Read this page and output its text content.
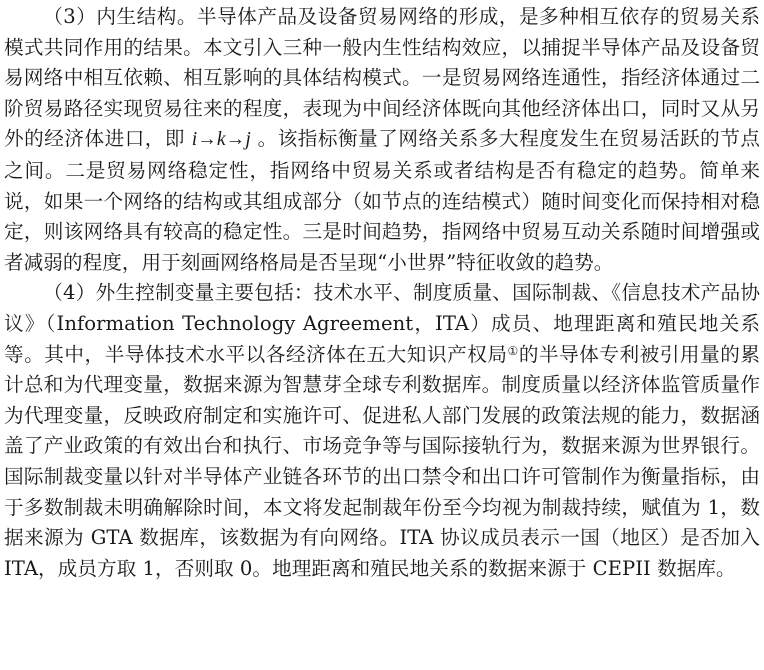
（3）内生结构。半导体产品及设备贸易网络的形成，是多种相互依存的贸易关系模式共同作用的结果。本文引入三种一般内生性结构效应，以捕捉半导体产品及设备贸易网络中相互依赖、相互影响的具体结构模式。一是贸易网络连通性，指经济体通过二阶贸易路径实现贸易往来的程度，表现为中间经济体既向其他经济体出口，同时又从另外的经济体进口，即 i→k→j 。该指标衡量了网络关系多大程度发生在贸易活跃的节点之间。二是贸易网络稳定性，指网络中贸易关系或者结构是否有稳定的趋势。简单来说，如果一个网络的结构或其组成部分（如节点的连结模式）随时间变化而保持相对稳定，则该网络具有较高的稳定性。三是时间趋势，指网络中贸易互动关系随时间增强或者减弱的程度，用于刻画网络格局是否呈现“小世界”特征收敛的趋势。

（4）外生控制变量主要包括：技术水平、制度质量、国际制裁、《信息技术产品协议》（Information Technology Agreement，ITA）成员、地理距离和殖民地关系等。其中，半导体技术水平以各经济体在五大知识产权局①的半导体专利被引用量的累计总和为代理变量，数据来源为智慧芽全球专利数据库。制度质量以经济体监管质量作为代理变量，反映政府制定和实施许可、促进私人部门发展的政策法规的能力，数据涵盖了产业政策的有效出台和执行、市场竞争等与国际接轨行为，数据来源为世界银行。国际制裁变量以针对半导体产业链各环节的出口禁令和出口许可管制作为衡量指标，由于多数制裁未明确解除时间，本文将发起制裁年份至今均视为制裁持续，赋值为 1，数据来源为 GTA 数据库，该数据为有向网络。ITA 协议成员表示一国（地区）是否加入 ITA，成员方取 1，否则取 0。地理距离和殖民地关系的数据来源于 CEPII 数据库。
